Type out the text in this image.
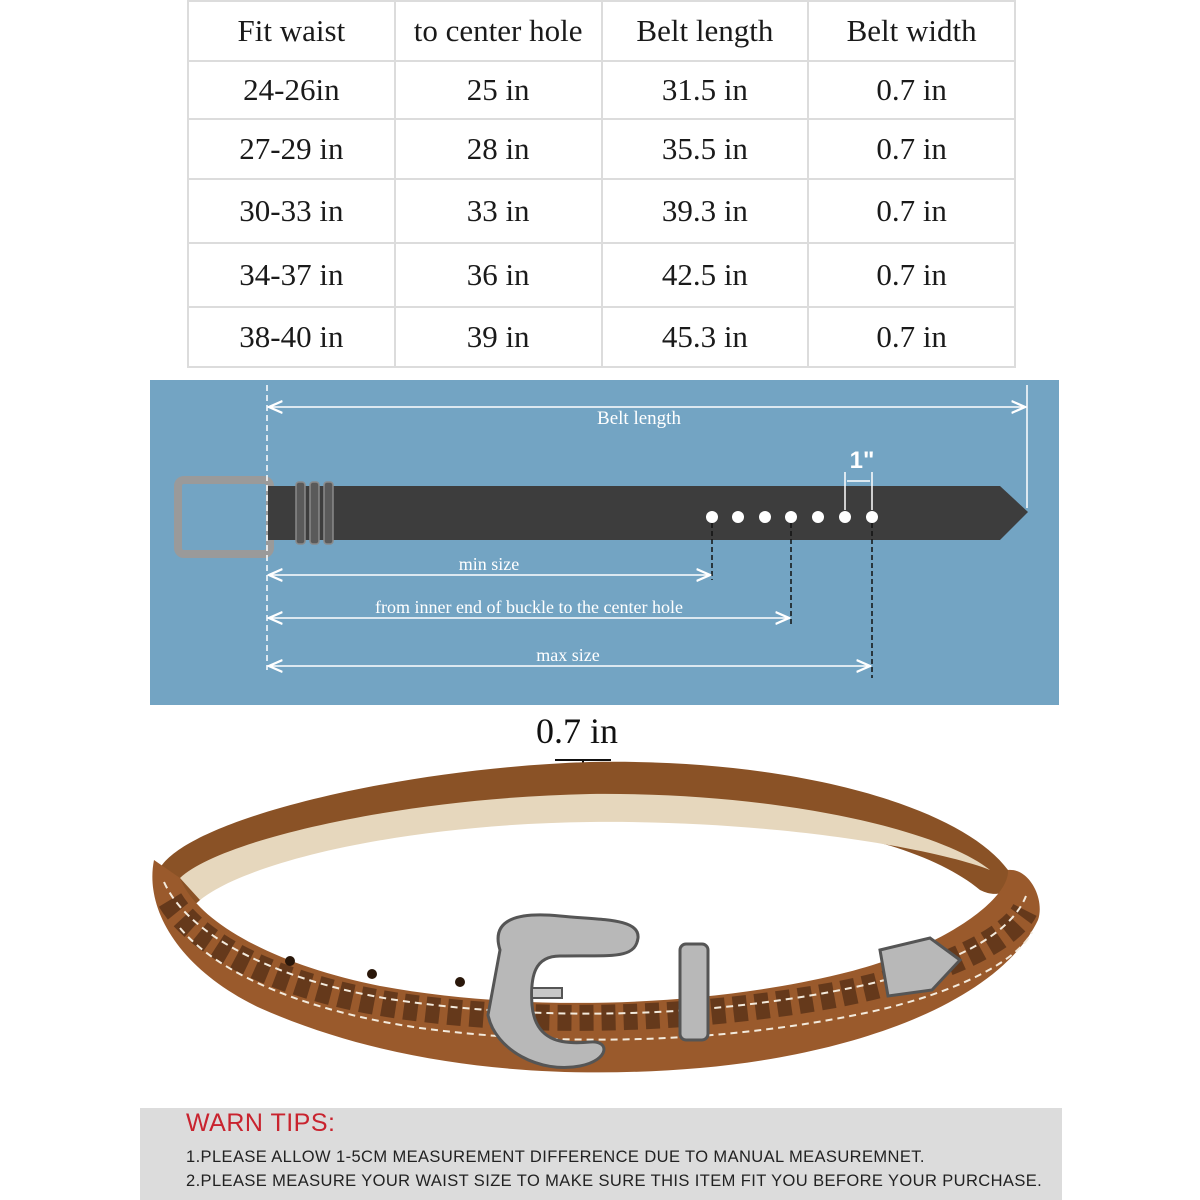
Fit waist	to center hole	Belt length	Belt width
24-26in	25 in	31.5 in	0.7 in
27-29 in	28 in	35.5 in	0.7 in
30-33 in	33 in	39.3 in	0.7 in
34-37 in	36 in	42.5 in	0.7 in
38-40 in	39 in	45.3 in	0.7 in
Belt length
1"
min size
from inner end of buckle to the center hole
max size
0.7 in
WARN TIPS:
1.PLEASE ALLOW 1-5CM MEASUREMENT DIFFERENCE DUE TO MANUAL MEASUREMNET.
2.PLEASE MEASURE YOUR WAIST SIZE TO MAKE SURE THIS ITEM FIT YOU BEFORE YOUR PURCHASE.
